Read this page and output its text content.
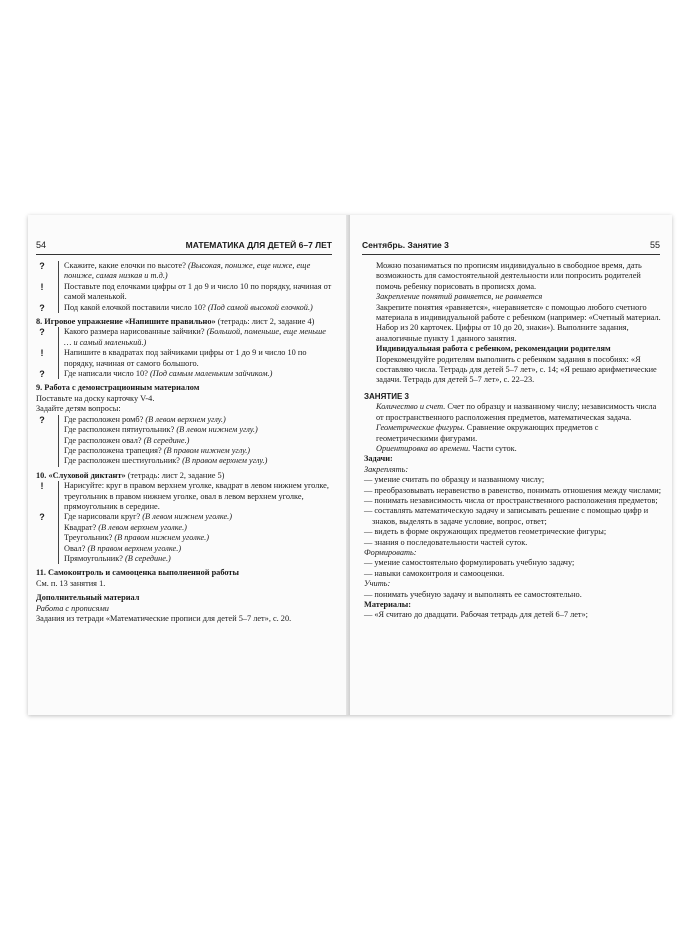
54	МАТЕМАТИКА ДЛЯ ДЕТЕЙ 6–7 ЛЕТ
? Скажите, какие елочки по высоте? (Высокая, пониже, еще ниже, еще пониже, самая низкая и т.д.)

!	Поставьте под елочками цифры от 1 до 9 и число 10 по порядку, начиная от самой маленькой.

? Под какой елочкой поставили число 10? (Под самой высокой елочкой.)

8. Игровое упражнение «Напишите правильно» (тетрадь: лист 2, задание 4)

? Какого размера нарисованные зайчики? (Большой, поменьше, еще меньше … и самый маленький.)

!	Напишите в квадратах под зайчиками цифры от 1 до 9 и число 10 по порядку, начиная от самого большого.

? Где написали число 10? (Под самым маленьким зайчиком.)

9. Работа с демонстрационным материалом

Поставьте на доску карточку V-4.

Задайте детям вопросы:

? Где расположен ромб? (В левом верхнем углу.)

Где расположен пятиугольник? (В левом нижнем углу.)

Где расположен овал? (В середине.)

Где расположена трапеция? (В правом нижнем углу.)

Где расположен шестиугольник? (В правом верхнем углу.)

10. «Слуховой диктант» (тетрадь: лист 2, задание 5)

!	Нарисуйте: круг в правом верхнем уголке, квадрат в левом нижнем уголке, треугольник в правом нижнем уголке, овал в левом верхнем уголке, прямоугольник в середине.

? Где нарисовали круг? (В левом нижнем уголке.)

Квадрат? (В левом верхнем уголке.)

Треугольник? (В правом нижнем уголке.)

Овал? (В правом верхнем уголке.)

Прямоугольник? (В середине.)

11. Самоконтроль и самооценка выполненной работы

См. п. 13 занятия 1.

Дополнительный материал

Работа с прописями

Задания из тетради «Математические прописи для детей 5–7 лет», с. 20.

Сентябрь. Занятие 3	55

Можно позаниматься по прописям индивидуально в свободное время, дать возможность для самостоятельной деятельности или попросить родителей помочь ребенку порисовать в прописях дома.

Закрепление понятий равняется, не равняется

Закрепите понятия «равняется», «неравняется» с помощью любого счетного материала в индивидуальной работе с ребенком (например: «Счетный материал. Набор из 20 карточек. Цифры от 10 до 20, знаки»). Выполните задания, аналогичные пункту 1 данного занятия.

Индивидуальная работа с ребенком, рекомендации родителям

Порекомендуйте родителям выполнить с ребенком задания в пособиях: «Я составляю числа. Тетрадь для детей 5–7 лет», с. 14; «Я решаю арифметические задачи. Тетрадь для детей 5–7 лет», с. 22–23.

ЗАНЯТИЕ 3

Количество и счет. Счет по образцу и названному числу; независимость числа от пространственного расположения предметов, математическая задача.

Геометрические фигуры. Сравнение окружающих предметов с геометрическими фигурами.

Ориентировка во времени. Части суток.

Задачи:

Закреплять:

— умение считать по образцу и названному числу;

— преобразовывать неравенство в равенство, понимать отношения между числами;

— понимать независимость числа от пространственного расположения предметов;

— составлять математическую задачу и записывать решение с помощью цифр и знаков, выделять в задаче условие, вопрос, ответ;

— видеть в форме окружающих предметов геометрические фигуры;

— знания о последовательности частей суток.

Формировать:

— умение самостоятельно формулировать учебную задачу;

— навыки самоконтроля и самооценки.

Учить:

— понимать учебную задачу и выполнять ее самостоятельно.

Материалы:

— «Я считаю до двадцати. Рабочая тетрадь для детей 6–7 лет»;
